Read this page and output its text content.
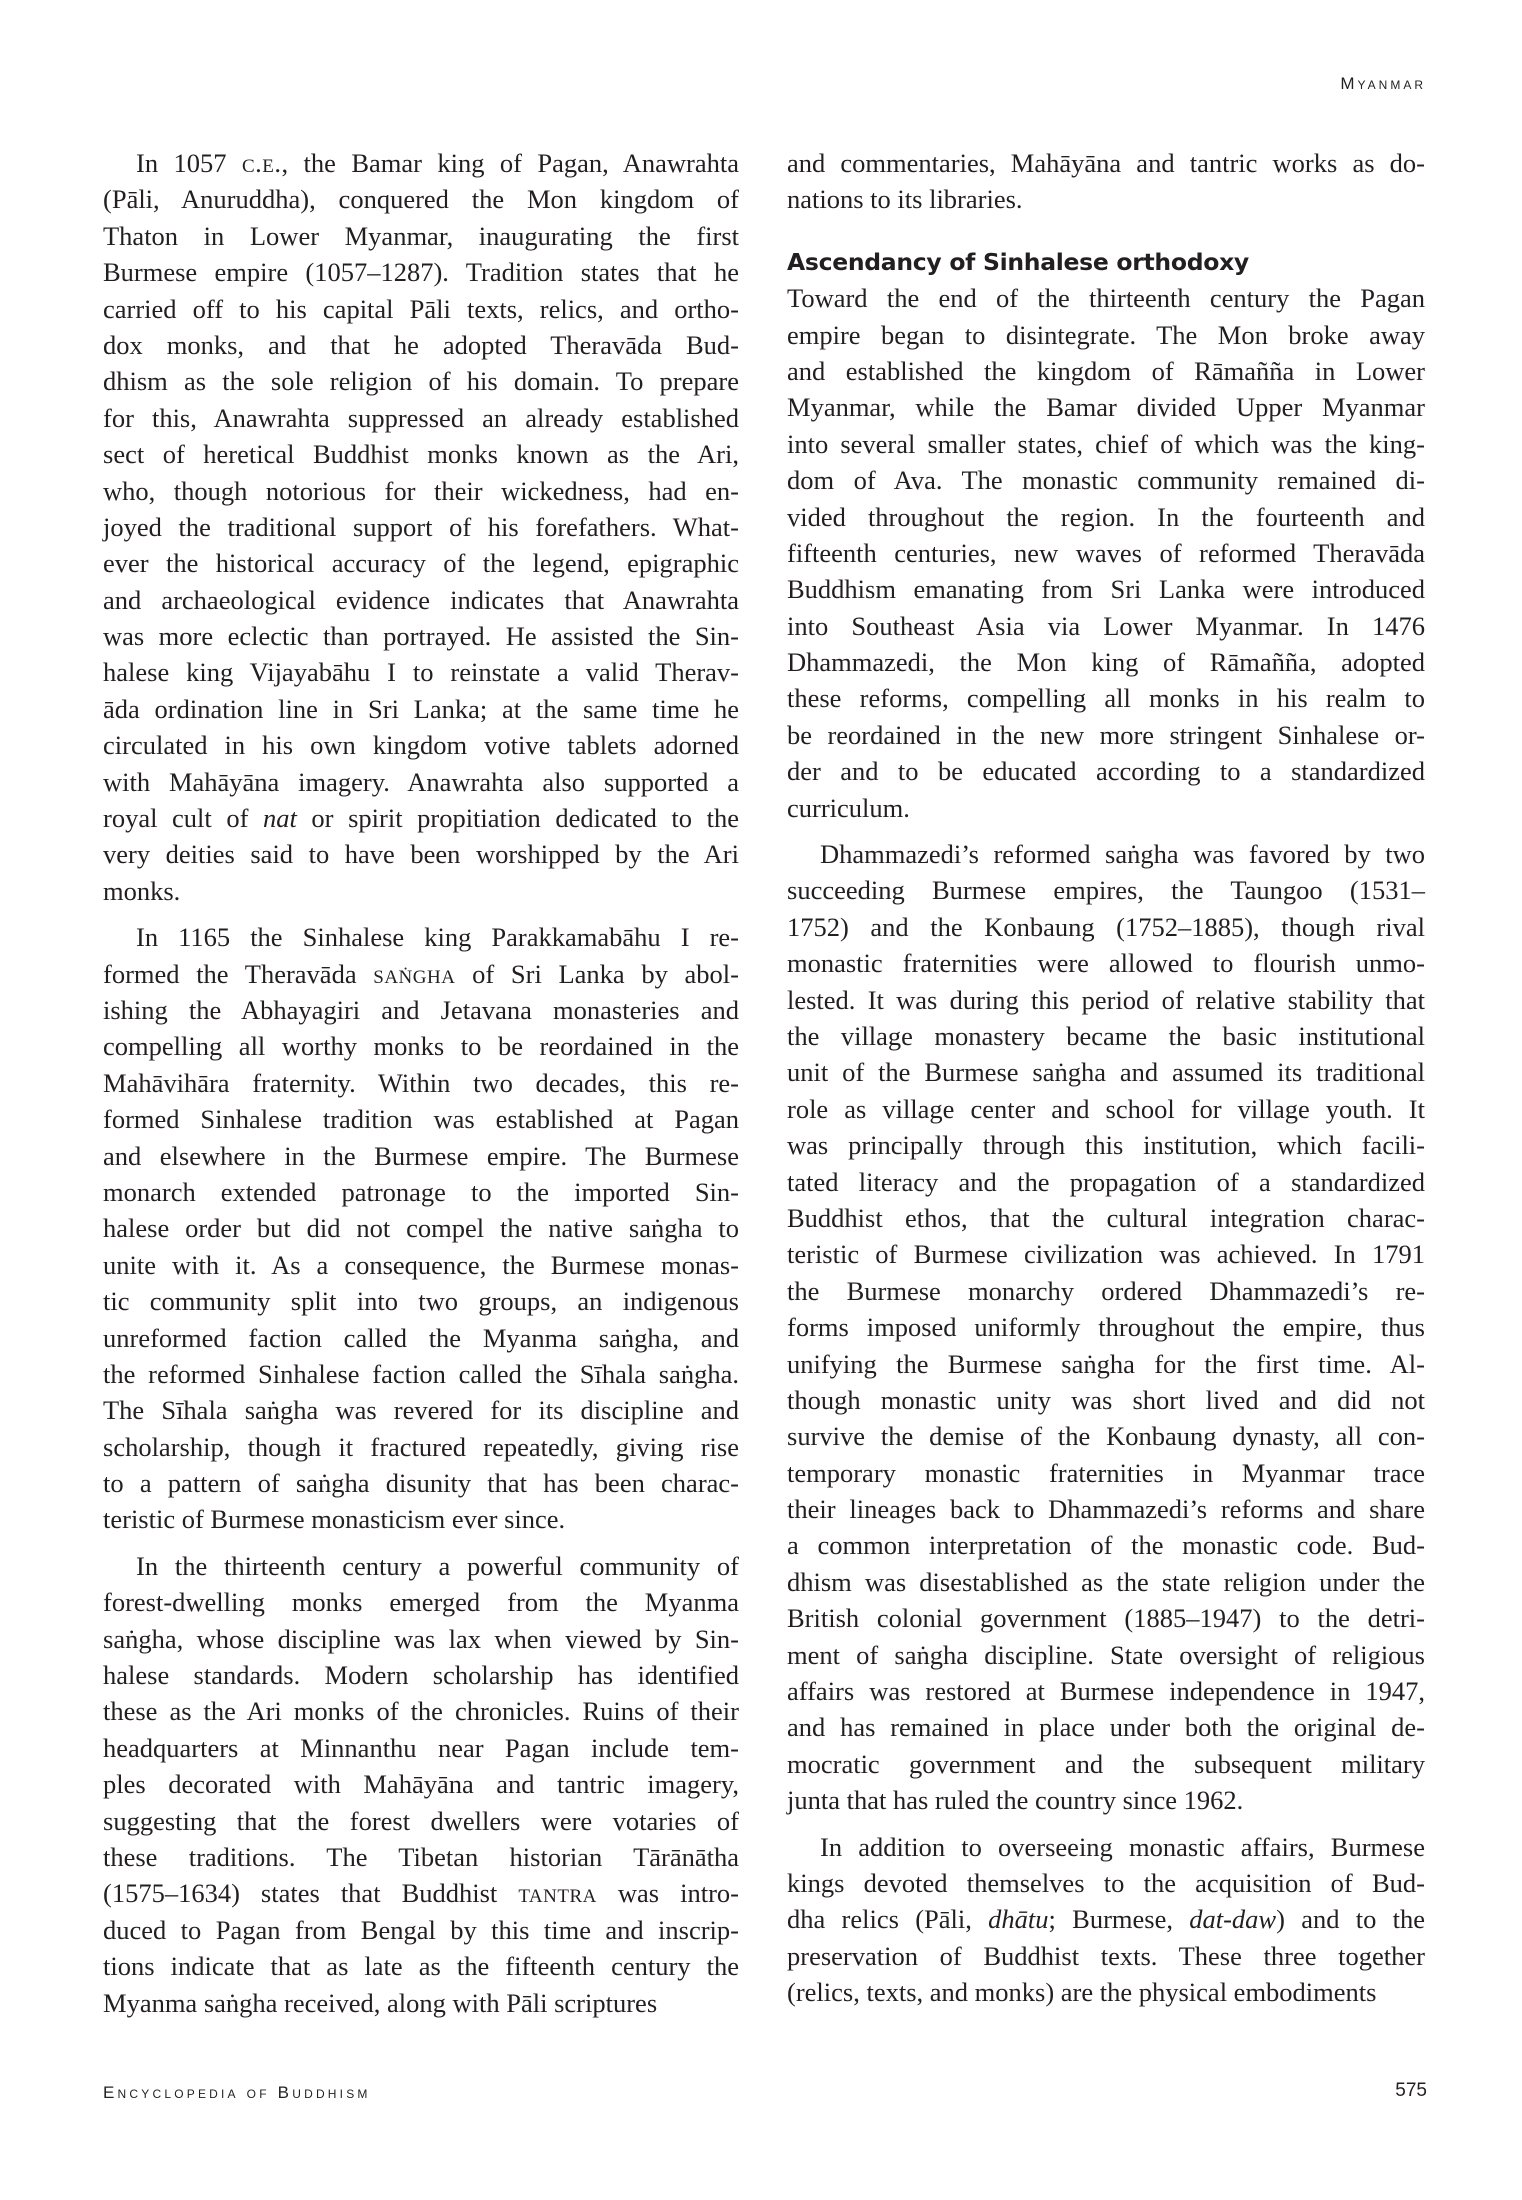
Myanmar
In 1057 c.e., the Bamar king of Pagan, Anawrahta
(Pāli, Anuruddha), conquered the Mon kingdom of
Thaton in Lower Myanmar, inaugurating the first
Burmese empire (1057–1287). Tradition states that he
carried off to his capital Pāli texts, relics, and ortho-
dox monks, and that he adopted Theravāda Bud-
dhism as the sole religion of his domain. To prepare
for this, Anawrahta suppressed an already established
sect of heretical Buddhist monks known as the Ari,
who, though notorious for their wickedness, had en-
joyed the traditional support of his forefathers. What-
ever the historical accuracy of the legend, epigraphic
and archaeological evidence indicates that Anawrahta
was more eclectic than portrayed. He assisted the Sin-
halese king Vijayabāhu I to reinstate a valid Therav-
āda ordination line in Sri Lanka; at the same time he
circulated in his own kingdom votive tablets adorned
with Mahāyāna imagery. Anawrahta also supported a
royal cult of nat or spirit propitiation dedicated to the
very deities said to have been worshipped by the Ari
monks.
In 1165 the Sinhalese king Parakkamabāhu I re-
formed the Theravāda saṅgha of Sri Lanka by abol-
ishing the Abhayagiri and Jetavana monasteries and
compelling all worthy monks to be reordained in the
Mahāvihāra fraternity. Within two decades, this re-
formed Sinhalese tradition was established at Pagan
and elsewhere in the Burmese empire. The Burmese
monarch extended patronage to the imported Sin-
halese order but did not compel the native saṅgha to
unite with it. As a consequence, the Burmese monas-
tic community split into two groups, an indigenous
unreformed faction called the Myanma saṅgha, and
the reformed Sinhalese faction called the Sīhala saṅgha.
The Sīhala saṅgha was revered for its discipline and
scholarship, though it fractured repeatedly, giving rise
to a pattern of saṅgha disunity that has been charac-
teristic of Burmese monasticism ever since.
In the thirteenth century a powerful community of
forest-dwelling monks emerged from the Myanma
saṅgha, whose discipline was lax when viewed by Sin-
halese standards. Modern scholarship has identified
these as the Ari monks of the chronicles. Ruins of their
headquarters at Minnanthu near Pagan include tem-
ples decorated with Mahāyāna and tantric imagery,
suggesting that the forest dwellers were votaries of
these traditions. The Tibetan historian Tārānātha
(1575–1634) states that Buddhist tantra was intro-
duced to Pagan from Bengal by this time and inscrip-
tions indicate that as late as the fifteenth century the
Myanma saṅgha received, along with Pāli scriptures
and commentaries, Mahāyāna and tantric works as do-
nations to its libraries.
Ascendancy of Sinhalese orthodoxy
Toward the end of the thirteenth century the Pagan
empire began to disintegrate. The Mon broke away
and established the kingdom of Rāmañña in Lower
Myanmar, while the Bamar divided Upper Myanmar
into several smaller states, chief of which was the king-
dom of Ava. The monastic community remained di-
vided throughout the region. In the fourteenth and
fifteenth centuries, new waves of reformed Theravāda
Buddhism emanating from Sri Lanka were introduced
into Southeast Asia via Lower Myanmar. In 1476
Dhammazedi, the Mon king of Rāmañña, adopted
these reforms, compelling all monks in his realm to
be reordained in the new more stringent Sinhalese or-
der and to be educated according to a standardized
curriculum.
Dhammazedi’s reformed saṅgha was favored by two
succeeding Burmese empires, the Taungoo (1531–
1752) and the Konbaung (1752–1885), though rival
monastic fraternities were allowed to flourish unmo-
lested. It was during this period of relative stability that
the village monastery became the basic institutional
unit of the Burmese saṅgha and assumed its traditional
role as village center and school for village youth. It
was principally through this institution, which facili-
tated literacy and the propagation of a standardized
Buddhist ethos, that the cultural integration charac-
teristic of Burmese civilization was achieved. In 1791
the Burmese monarchy ordered Dhammazedi’s re-
forms imposed uniformly throughout the empire, thus
unifying the Burmese saṅgha for the first time. Al-
though monastic unity was short lived and did not
survive the demise of the Konbaung dynasty, all con-
temporary monastic fraternities in Myanmar trace
their lineages back to Dhammazedi’s reforms and share
a common interpretation of the monastic code. Bud-
dhism was disestablished as the state religion under the
British colonial government (1885–1947) to the detri-
ment of saṅgha discipline. State oversight of religious
affairs was restored at Burmese independence in 1947,
and has remained in place under both the original de-
mocratic government and the subsequent military
junta that has ruled the country since 1962.
In addition to overseeing monastic affairs, Burmese
kings devoted themselves to the acquisition of Bud-
dha relics (Pāli, dhātu; Burmese, dat-daw) and to the
preservation of Buddhist texts. These three together
(relics, texts, and monks) are the physical embodiments
Encyclopedia of Buddhism	575
